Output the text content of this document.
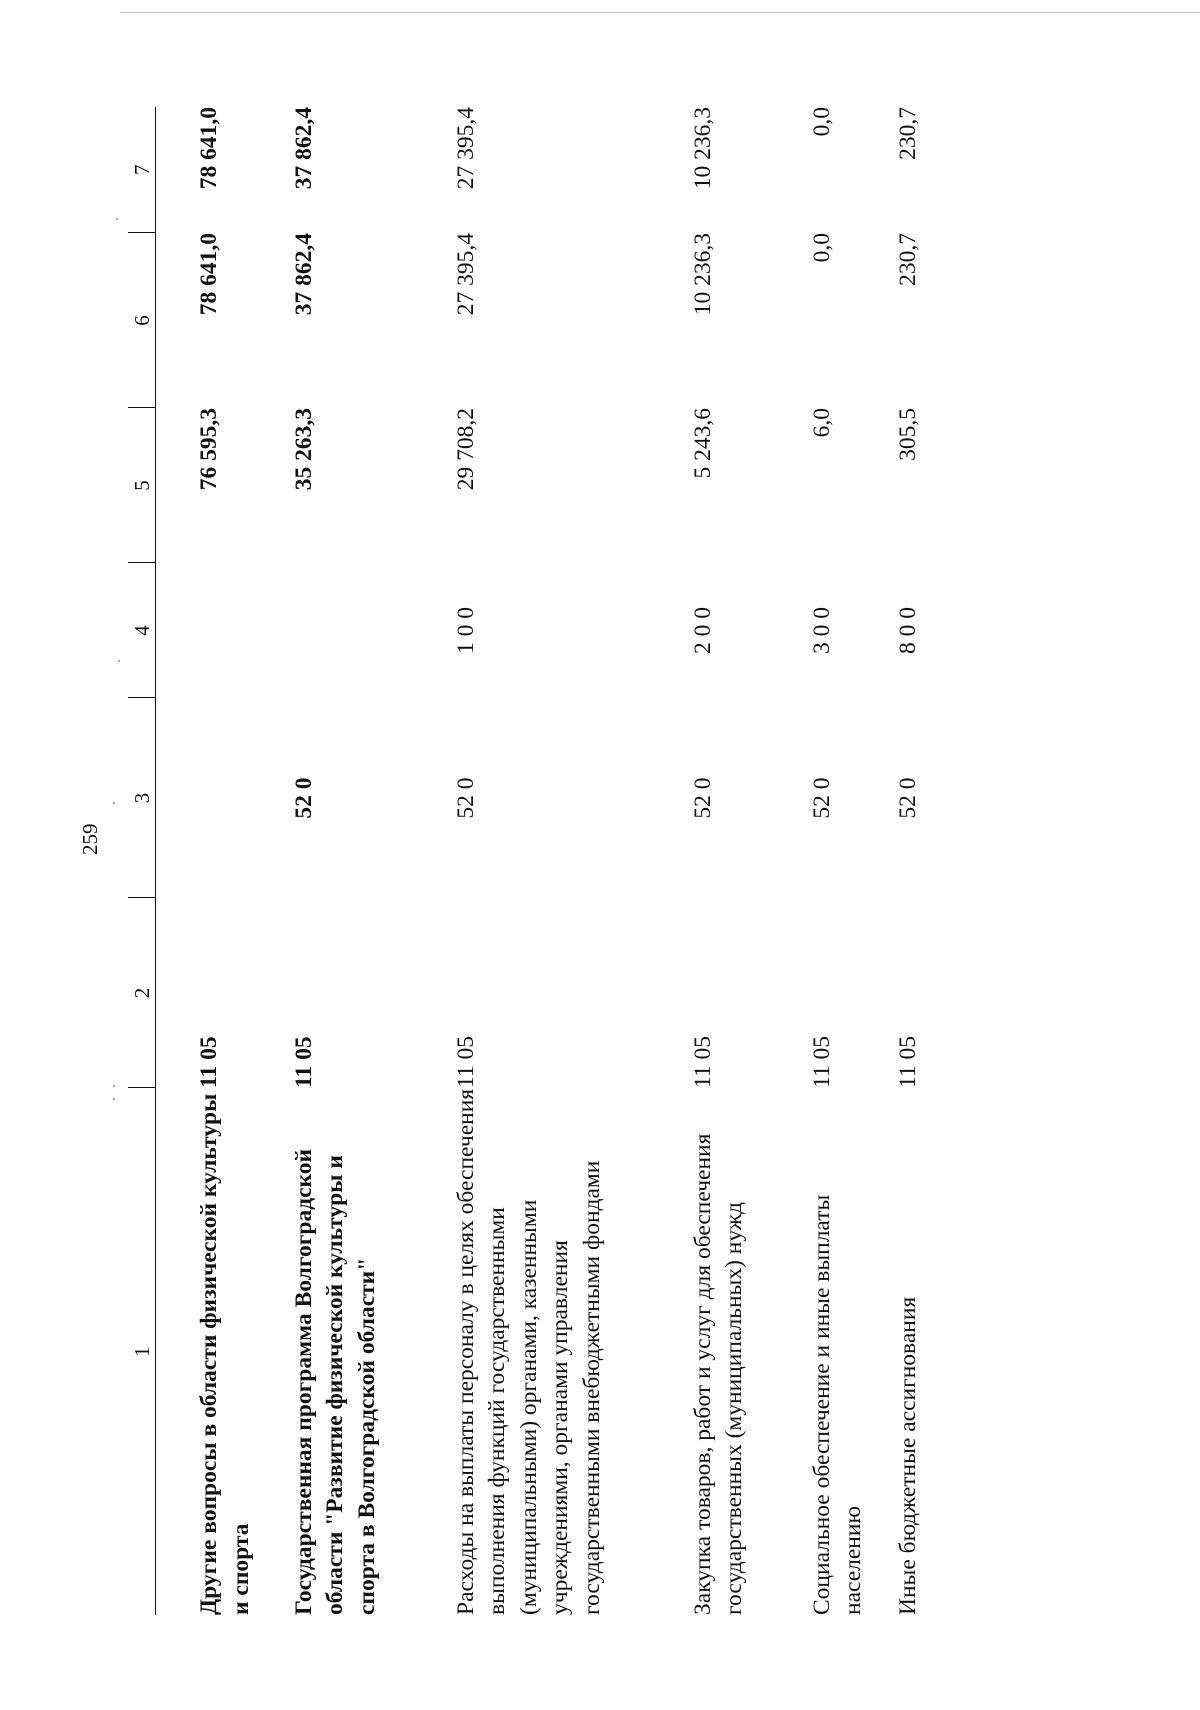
259
1	2	3	4	5	6	7
Другие вопросы в области физической культуры и спорта	11 05			76 595,3	78 641,0	78 641,0
Государственная программа Волгоградской области "Развитие физической культуры и спорта в Волгоградской области"	11 05	52 0		35 263,3	37 862,4	37 862,4
Расходы на выплаты персоналу в целях обеспечения выполнения функций государственными (муниципальными) органами, казенными учреждениями, органами управления государственными внебюджетными фондами	11 05	52 0	1 0 0	29 708,2	27 395,4	27 395,4
Закупка товаров, работ и услуг для обеспечения государственных (муниципальных) нужд	11 05	52 0	2 0 0	5 243,6	10 236,3	10 236,3
Социальное обеспечение и иные выплаты населению	11 05	52 0	3 0 0	6,0	0,0	0,0
Иные бюджетные ассигнования	11 05	52 0	8 0 0	305,5	230,7	230,7
